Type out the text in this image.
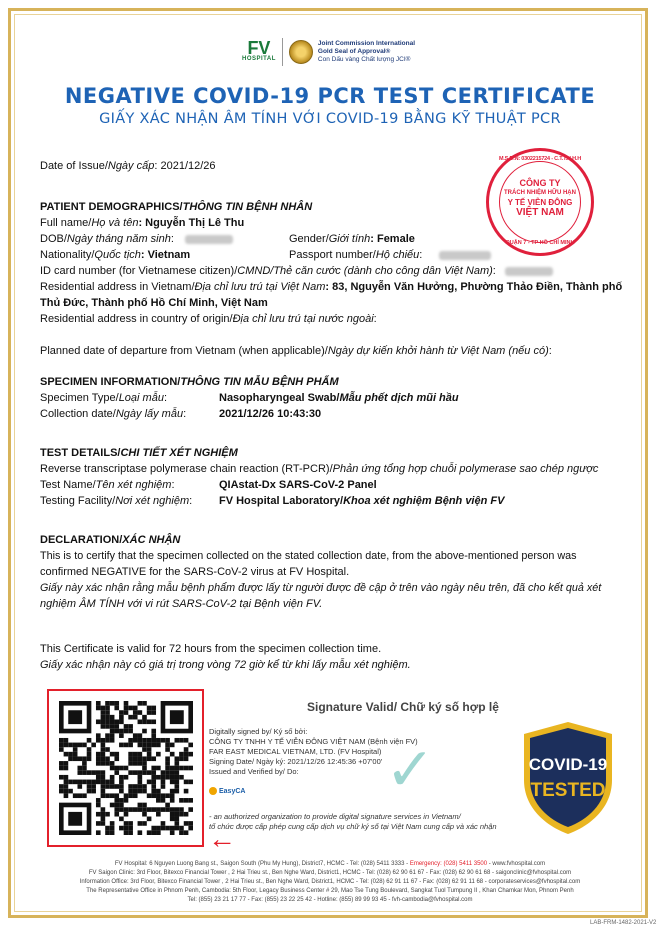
FV
HOSPITAL
Joint Commission International
Gold Seal of Approval®
Con Dấu vàng Chất lượng JCI®
NEGATIVE COVID-19 PCR TEST CERTIFICATE
GIẤY XÁC NHẬN ÂM TÍNH VỚI COVID-19 BẰNG KỸ THUẬT PCR
Date of Issue/Ngày cấp: 2021/12/26
PATIENT DEMOGRAPHICS/THÔNG TIN BỆNH NHÂN
Full name/Họ và tên: Nguyễn Thị Lê Thu
DOB/Ngày tháng năm sinh:	Gender/Giới tính: Female
Nationality/Quốc tịch: Vietnam	Passport number/Hộ chiếu:
ID card number (for Vietnamese citizen)/CMND/Thẻ căn cước (dành cho công dân Việt Nam):
Residential address in Vietnam/Địa chỉ lưu trú tại Việt Nam: 83, Nguyễn Văn Hưởng, Phường Thảo Điền, Thành phố
Thủ Đức, Thành phố Hồ Chí Minh, Việt Nam
Residential address in country of origin/Địa chỉ lưu trú tại nước ngoài:
Planned date of departure from Vietnam (when applicable)/Ngày dự kiến khởi hành từ Việt Nam (nếu có):
M.S.D.N: 0302215724 - C.T.T.N.H.H
CÔNG TY
TRÁCH NHIỆM HỮU HẠN
Y TẾ VIỄN ĐÔNG
VIỆT NAM
QUẬN 7 - TP HỒ CHÍ MINH
SPECIMEN INFORMATION/THÔNG TIN MẪU BỆNH PHẨM
Specimen Type/Loại mẫu:	Nasopharyngeal Swab/Mẫu phết dịch mũi hầu
Collection date/Ngày lấy mẫu:	2021/12/26 10:43:30
TEST DETAILS/CHI TIẾT XÉT NGHIỆM
Reverse transcriptase polymerase chain reaction (RT-PCR)/Phản ứng tổng hợp chuỗi polymerase sao chép ngược
Test Name/Tên xét nghiệm:	QIAstat-Dx SARS-CoV-2 Panel
Testing Facility/Nơi xét nghiệm: FV Hospital Laboratory/Khoa xét nghiệm Bệnh viện FV
DECLARATION/XÁC NHẬN
This is to certify that the specimen collected on the stated collection date, from the above-mentioned person was
confirmed NEGATIVE for the SARS-CoV-2 virus at FV Hospital.
Giấy này xác nhận rằng mẫu bệnh phẩm được lấy từ người được đề cập ở trên vào ngày nêu trên, đã cho kết quả xét
nghiệm ÂM TÍNH với vi rút SARS-CoV-2 tại Bệnh viện FV.
This Certificate is valid for 72 hours from the specimen collection time.
Giấy xác nhận này có giá trị trong vòng 72 giờ kể từ khi lấy mẫu xét nghiệm.
←
Signature Valid/ Chữ ký số hợp lệ
✓
Digitally signed by/ Ký số bởi:
CÔNG TY TNHH Y TẾ VIỄN ĐÔNG VIỆT NAM (Bệnh viện FV)
FAR EAST MEDICAL VIETNAM, LTD. (FV Hospital)
Signing Date/ Ngày ký: 2021/12/26 12:45:36 +07'00'
Issued and Verified by/ Do:
EasyCA
- an authorized organization to provide digital signature services in Vietnam/
tổ chức được cấp phép cung cấp dịch vụ chữ ký số tại Việt Nam cung cấp và xác nhận
COVID-19
TESTED
FV Hospital: 6 Nguyen Luong Bang st., Saigon South (Phu My Hung), District7, HCMC - Tel: (028) 5411 3333 - Emergency: (028) 5411 3500 - www.fvhospital.com
FV Saigon Clinic: 3rd Floor, Bitexco Financial Tower , 2 Hai Trieu st., Ben Nghe Ward, District1, HCMC - Tel: (028) 62 90 61 67 - Fax: (028) 62 90 61 68 - saigonclinic@fvhospital.com
Information Office: 3rd Floor, Bitexco Financial Tower , 2 Hai Trieu st., Ben Nghe Ward, District1, HCMC - Tel: (028) 62 91 11 67 - Fax: (028) 62 91 11 68 - corporateservices@fvhospital.com
The Representative Office in Phnom Penh, Cambodia: 5th Floor, Legacy Business Center # 29, Mao Tse Tung Boulevard, Sangkat Tuol Tumpung II , Khan Chamkar Mon, Phnom Penh
Tel: (855) 23 21 17 77 - Fax: (855) 23 22 25 42 - Hotline: (855) 89 99 93 45 - fvh-cambodia@fvhospital.com
LAB-FRM-1482-2021-V2
